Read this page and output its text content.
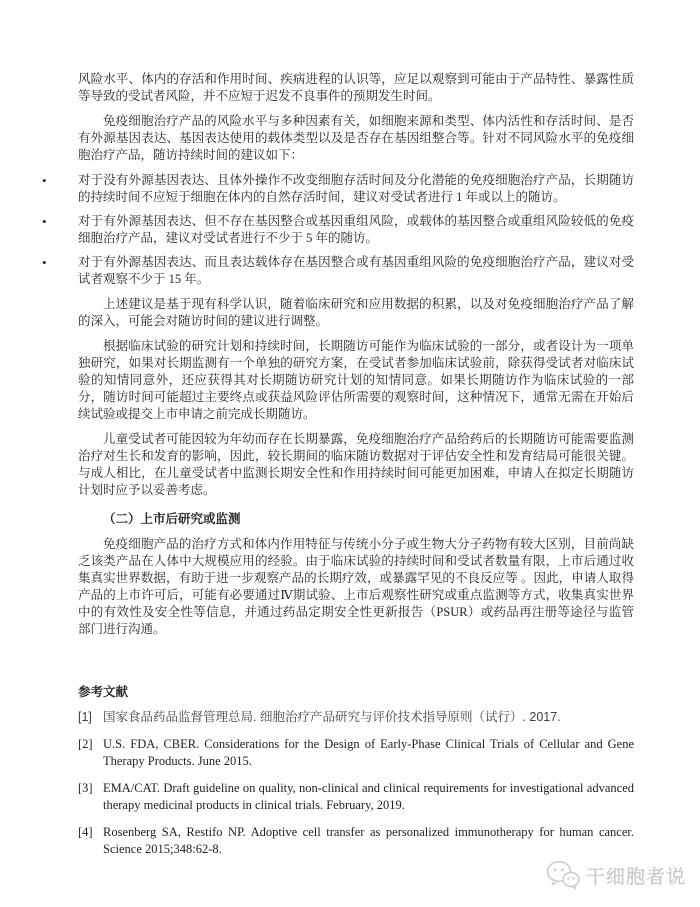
风险水平、体内的存活和作用时间、疾病进程的认识等，应足以观察到可能由于产品特性、暴露性质等导致的受试者风险，并不应短于迟发不良事件的预期发生时间。

免疫细胞治疗产品的风险水平与多种因素有关，如细胞来源和类型、体内活性和存活时间、是否有外源基因表达、基因表达使用的载体类型以及是否存在基因组整合等。针对不同风险水平的免疫细胞治疗产品，随访持续时间的建议如下：

• 对于没有外源基因表达、且体外操作不改变细胞存活时间及分化潜能的免疫细胞治疗产品，长期随访的持续时间不应短于细胞在体内的自然存活时间，建议对受试者进行 1 年或以上的随访。
• 对于有外源基因表达、但不存在基因整合或基因重组风险，或载体的基因整合或重组风险较低的免疫细胞治疗产品，建议对受试者进行不少于 5 年的随访。
• 对于有外源基因表达、而且表达载体存在基因整合或有基因重组风险的免疫细胞治疗产品，建议对受试者观察不少于 15 年。

上述建议是基于现有科学认识，随着临床研究和应用数据的积累，以及对免疫细胞治疗产品了解的深入，可能会对随访时间的建议进行调整。

根据临床试验的研究计划和持续时间，长期随访可能作为临床试验的一部分，或者设计为一项单独研究，如果对长期监测有一个单独的研究方案，在受试者参加临床试验前，除获得受试者对临床试验的知情同意外，还应获得其对长期随访研究计划的知情同意。如果长期随访作为临床试验的一部分，随访时间可能超过主要终点或获益风险评估所需要的观察时间，这种情况下，通常无需在开始后续试验或提交上市申请之前完成长期随访。

儿童受试者可能因较为年幼而存在长期暴露，免疫细胞治疗产品给药后的长期随访可能需要监测治疗对生长和发育的影响，因此，较长期间的临床随访数据对于评估安全性和发育结局可能很关键。与成人相比，在儿童受试者中监测长期安全性和作用持续时间可能更加困难，申请人在拟定长期随访计划时应予以妥善考虑。

（二）上市后研究或监测

免疫细胞产品的治疗方式和体内作用特征与传统小分子或生物大分子药物有较大区别，目前尚缺乏该类产品在人体中大规模应用的经验。由于临床试验的持续时间和受试者数量有限，上市后通过收集真实世界数据，有助于进一步观察产品的长期疗效，或暴露罕见的不良反应等 。因此，申请人取得产品的上市许可后，可能有必要通过Ⅳ期试验、上市后观察性研究或重点监测等方式，收集真实世界中的有效性及安全性等信息，并通过药品定期安全性更新报告（PSUR）或药品再注册等途径与监管部门进行沟通。

参考文献

[1] 国家食品药品监督管理总局. 细胞治疗产品研究与评价技术指导原则（试行）. 2017.

[2] U.S. FDA, CBER. Considerations for the Design of Early-Phase Clinical Trials of Cellular and Gene Therapy Products. June 2015.

[3] EMA/CAT. Draft guideline on quality, non-clinical and clinical requirements for investigational advanced therapy medicinal products in clinical trials. February, 2019.

[4] Rosenberg SA, Restifo NP. Adoptive cell transfer as personalized immunotherapy for human cancer. Science 2015;348:62-8.

干细胞者说
